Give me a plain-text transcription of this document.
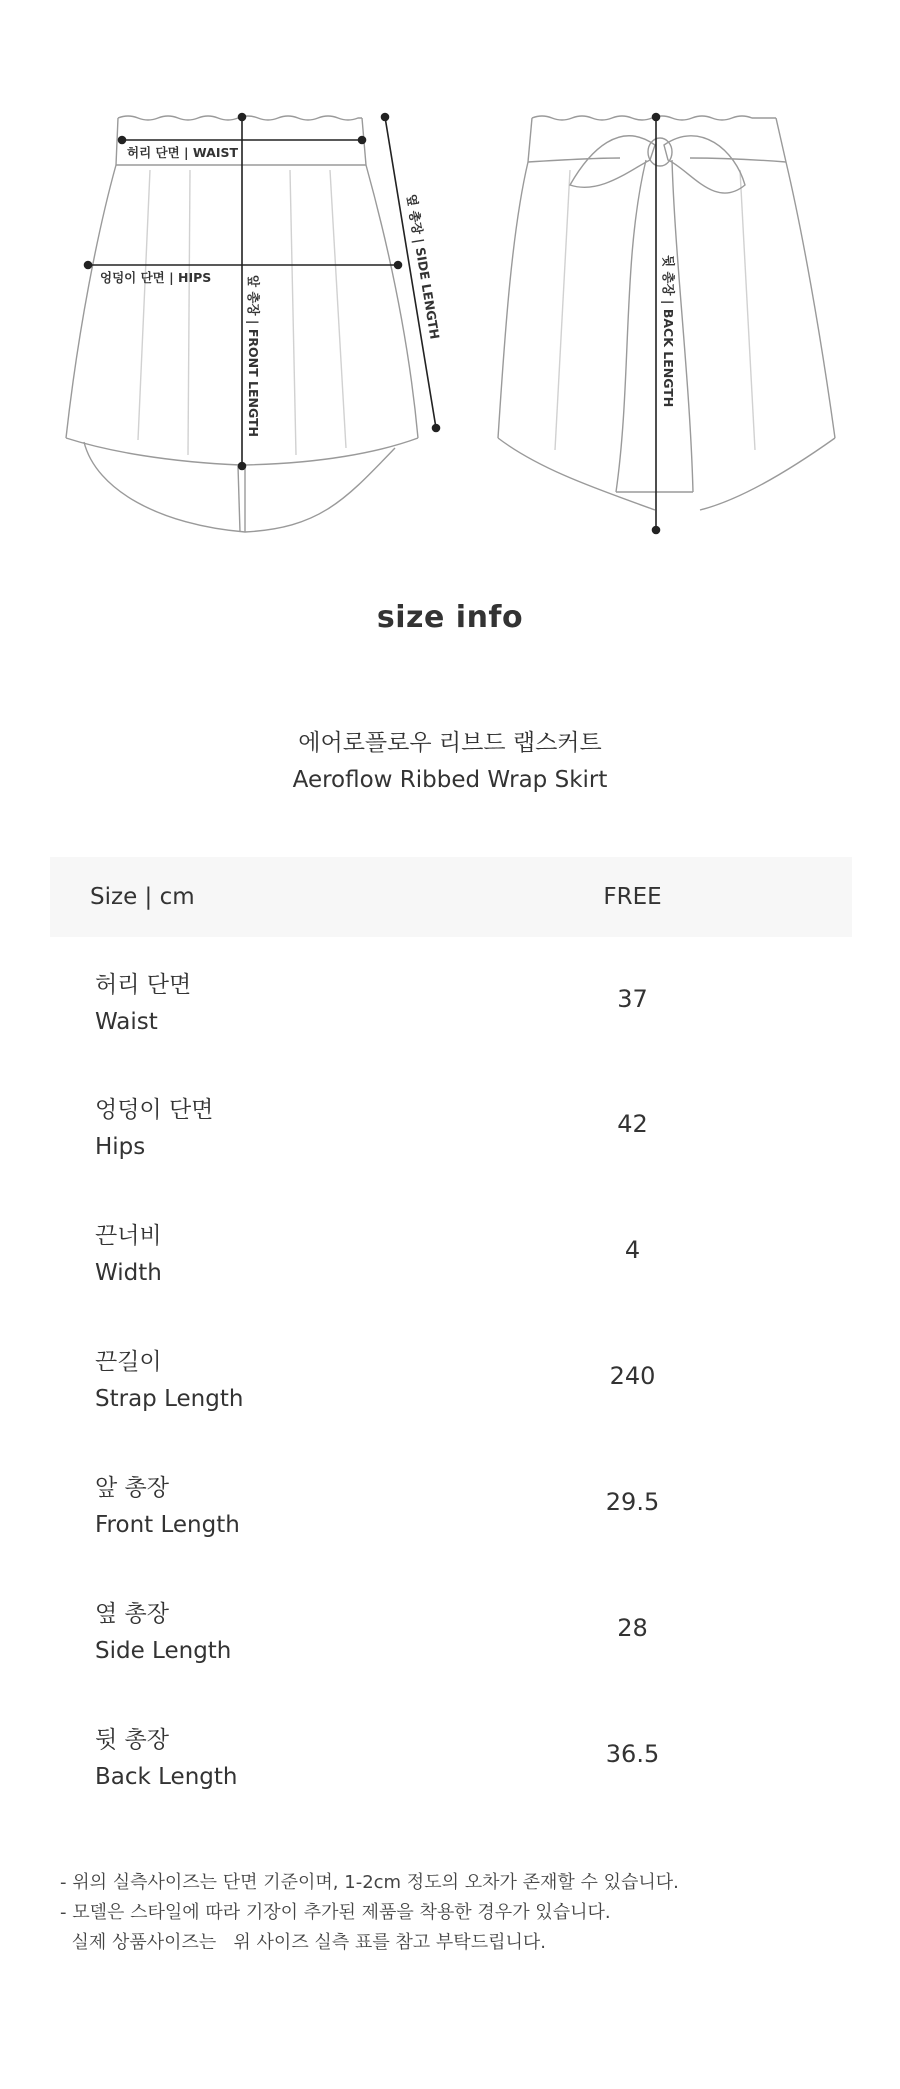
허리 단면 | WAIST
엉덩이 단면 | HIPS	앞 총장 | FRONT LENGTH
옆 총장 | SIDE LENGTH	뒷 총장 | BACK LENGTH
size info
에어로플로우 리브드 랩스커트
Aeroflow Ribbed Wrap Skirt
Size | cm	FREE
허리 단면
Waist
37
엉덩이 단면
Hips
42
끈너비
Width
4
끈길이
Strap Length
240
앞 총장
Front Length
29.5
옆 총장
Side Length
28
뒷 총장
Back Length
36.5
- 위의 실측사이즈는 단면 기준이며, 1-2cm 정도의 오차가 존재할 수 있습니다.
- 모델은 스타일에 따라 기장이 추가된 제품을 착용한 경우가 있습니다.
실제 상품사이즈는   위 사이즈 실측 표를 참고 부탁드립니다.
